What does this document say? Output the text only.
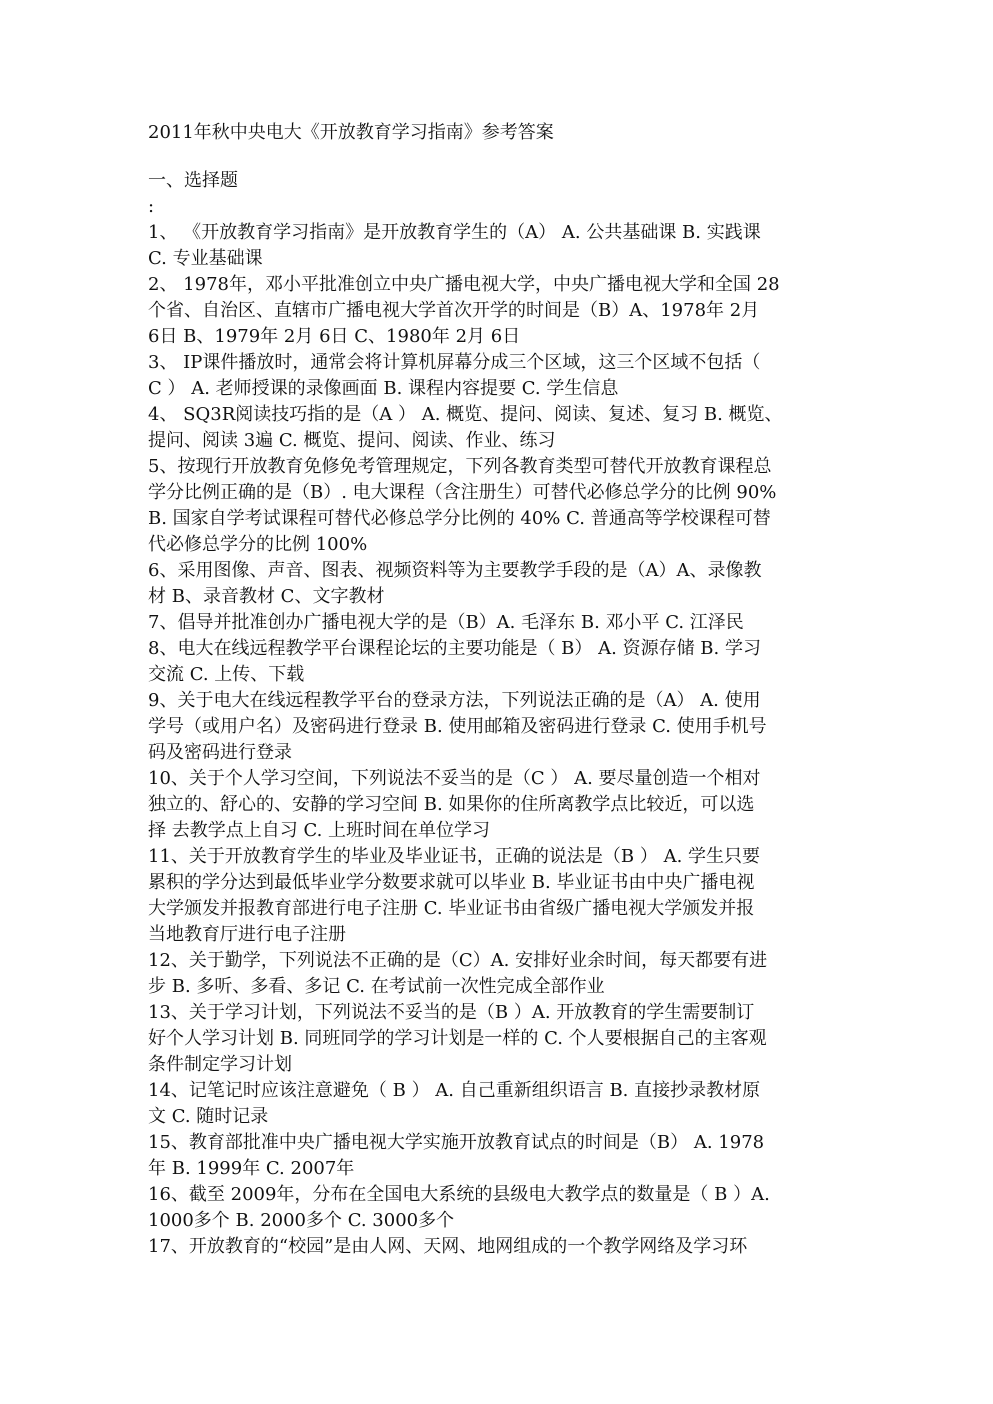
2011年秋中央电大《开放教育学习指南》参考答案
一、选择题
:
1、 《开放教育学习指南》是开放教育学生的（A） A. 公共基础课 B. 实践课
C. 专业基础课
2、 1978年，邓小平批准创立中央广播电视大学，中央广播电视大学和全国 28
个省、自治区、直辖市广播电视大学首次开学的时间是（B）A、1978年 2月
6日 B、1979年 2月 6日 C、1980年 2月 6日
3、 IP课件播放时，通常会将计算机屏幕分成三个区域，这三个区域不包括（
C ） A. 老师授课的录像画面 B. 课程内容提要 C. 学生信息
4、 SQ3R阅读技巧指的是（A ） A. 概览、提问、阅读、复述、复习 B. 概览、
提问、阅读 3遍 C. 概览、提问、阅读、作业、练习
5、按现行开放教育免修免考管理规定，下列各教育类型可替代开放教育课程总
学分比例正确的是（B）. 电大课程（含注册生）可替代必修总学分的比例 90%
B. 国家自学考试课程可替代必修总学分比例的 40% C. 普通高等学校课程可替
代必修总学分的比例 100%
6、采用图像、声音、图表、视频资料等为主要教学手段的是（A）A、录像教
材 B、录音教材 C、文字教材
7、倡导并批准创办广播电视大学的是（B）A. 毛泽东 B. 邓小平 C. 江泽民
8、电大在线远程教学平台课程论坛的主要功能是（ B） A. 资源存储 B. 学习
交流 C. 上传、下载
9、关于电大在线远程教学平台的登录方法，下列说法正确的是（A） A. 使用
学号（或用户名）及密码进行登录 B. 使用邮箱及密码进行登录 C. 使用手机号
码及密码进行登录
10、关于个人学习空间，下列说法不妥当的是（C ） A. 要尽量创造一个相对
独立的、舒心的、安静的学习空间 B. 如果你的住所离教学点比较近，可以选
择 去教学点上自习 C. 上班时间在单位学习
11、关于开放教育学生的毕业及毕业证书，正确的说法是（B ） A. 学生只要
累积的学分达到最低毕业学分数要求就可以毕业 B. 毕业证书由中央广播电视
大学颁发并报教育部进行电子注册 C. 毕业证书由省级广播电视大学颁发并报
当地教育厅进行电子注册
12、关于勤学，下列说法不正确的是（C）A. 安排好业余时间，每天都要有进
步 B. 多听、多看、多记 C. 在考试前一次性完成全部作业
13、关于学习计划，下列说法不妥当的是（B ）A. 开放教育的学生需要制订
好个人学习计划 B. 同班同学的学习计划是一样的 C. 个人要根据自己的主客观
条件制定学习计划
14、记笔记时应该注意避免（ B ） A. 自己重新组织语言 B. 直接抄录教材原
文 C. 随时记录
15、教育部批准中央广播电视大学实施开放教育试点的时间是（B） A. 1978
年 B. 1999年 C. 2007年
16、截至 2009年，分布在全国电大系统的县级电大教学点的数量是（ B ）A.
1000多个 B. 2000多个 C. 3000多个
17、开放教育的“校园”是由人网、天网、地网组成的一个教学网络及学习环
